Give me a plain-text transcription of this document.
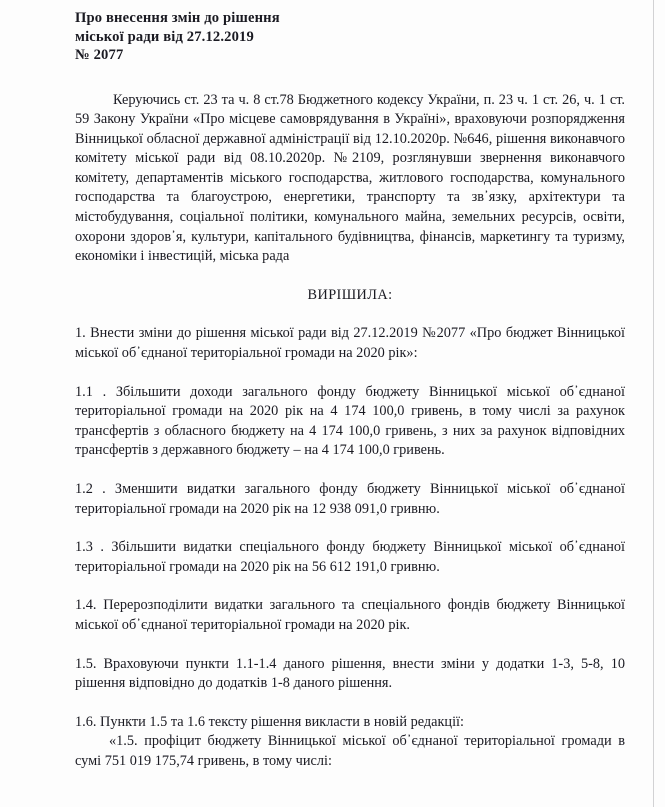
Про внесення змін до рішення
міської ради від 27.12.2019
№ 2077

Керуючись ст. 23 та ч. 8 ст.78 Бюджетного кодексу України, п. 23 ч. 1 ст. 26, ч. 1 ст. 59 Закону України «Про місцеве самоврядування в Україні», враховуючи розпорядження Вінницької обласної державної адміністрації від 12.10.2020р. №646, рішення виконавчого комітету міської ради від 08.10.2020р. №2109, розглянувши звернення виконавчого комітету, департаментів міського господарства, житлового господарства, комунального господарства та благоустрою, енергетики, транспорту та зв᾽язку, архітектури та містобудування, соціальної політики, комунального майна, земельних ресурсів, освіти, охорони здоров᾽я, культури, капітального будівництва, фінансів, маркетингу та туризму, економіки і інвестицій, міська рада

ВИРІШИЛА:

1. Внести зміни до рішення міської ради від 27.12.2019 №2077 «Про бюджет Вінницької міської об᾽єднаної територіальної громади на 2020 рік»:

1.1 . Збільшити доходи загального фонду бюджету Вінницької міської об᾽єднаної територіальної громади на 2020 рік на 4 174 100,0 гривень, в тому числі за рахунок трансфертів з обласного бюджету на 4 174 100,0 гривень, з них за рахунок відповідних трансфертів з державного бюджету – на 4 174 100,0 гривень.

1.2 . Зменшити видатки загального фонду бюджету Вінницької міської об᾽єднаної територіальної громади на 2020 рік на 12 938 091,0 гривню.

1.3 . Збільшити видатки спеціального фонду бюджету Вінницької міської об᾽єднаної територіальної громади на 2020 рік на 56 612 191,0 гривню.

1.4. Перерозподілити видатки загального та спеціального фондів бюджету Вінницької міської об᾽єднаної територіальної громади на 2020 рік.

1.5. Враховуючи пункти 1.1-1.4 даного рішення, внести зміни у додатки 1-3, 5-8, 10 рішення відповідно до додатків 1-8 даного рішення.

1.6. Пункти 1.5 та 1.6 тексту рішення викласти в новій редакції:

«1.5. профіцит бюджету Вінницької міської об᾽єднаної територіальної громади в сумі 751 019 175,74 гривень, в тому числі:
